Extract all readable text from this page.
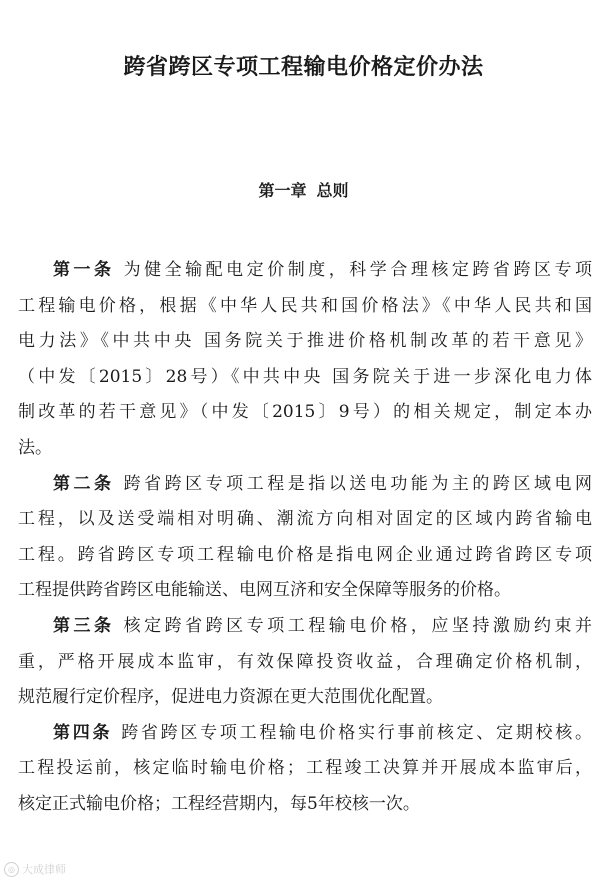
跨省跨区专项工程输电价格定价办法
第一章 总则
第一条 为健全输配电定价制度，科学合理核定跨省跨区专项
工程输电价格，根据《中华人民共和国价格法》《中华人民共和国
电力法》《中共中央 国务院关于推进价格机制改革的若干意见》
（中发〔2015〕28号）《中共中央 国务院关于进一步深化电力体
制改革的若干意见》（中发〔2015〕9号）的相关规定，制定本办
法。
第二条 跨省跨区专项工程是指以送电功能为主的跨区域电网
工程，以及送受端相对明确、潮流方向相对固定的区域内跨省输电
工程。跨省跨区专项工程输电价格是指电网企业通过跨省跨区专项
工程提供跨省跨区电能输送、电网互济和安全保障等服务的价格。
第三条 核定跨省跨区专项工程输电价格，应坚持激励约束并
重，严格开展成本监审，有效保障投资收益，合理确定价格机制，
规范履行定价程序，促进电力资源在更大范围优化配置。
第四条 跨省跨区专项工程输电价格实行事前核定、定期校核。
工程投运前，核定临时输电价格；工程竣工决算并开展成本监审后，
核定正式输电价格；工程经营期内，每5年校核一次。
◎ 大成律师
